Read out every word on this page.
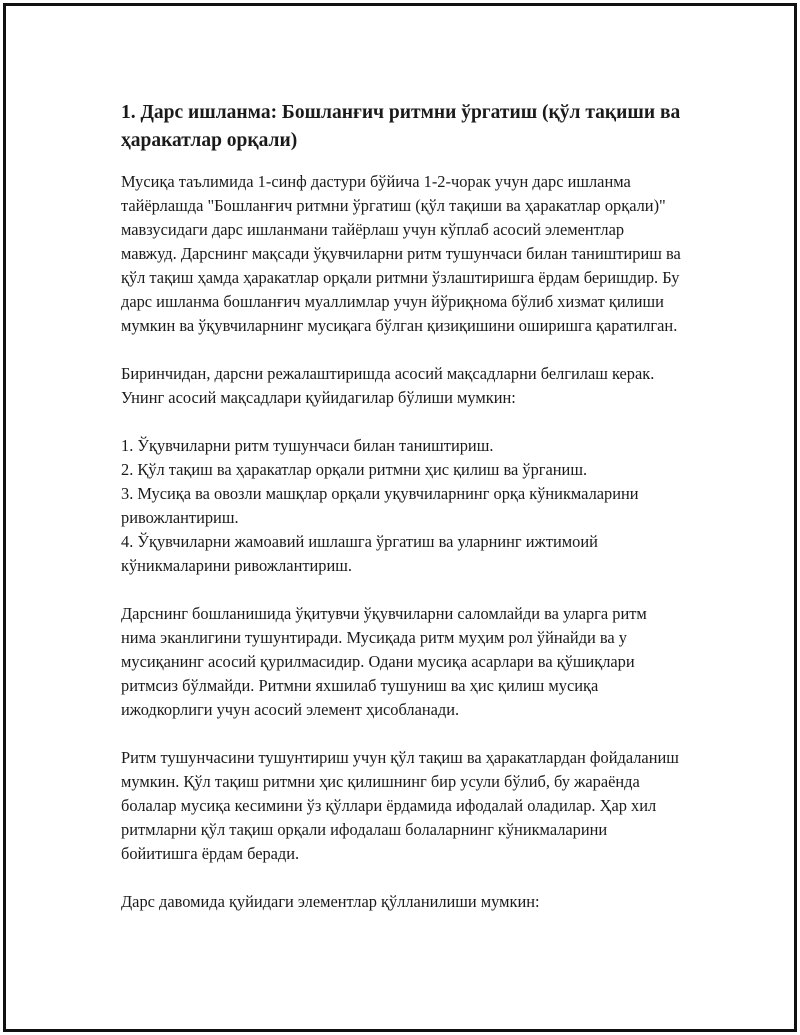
1. Дарс ишланма: Бошланғич ритмни ўргатиш (қўл тақиши ва ҳаракатлар орқали)

Мусиқа таълимида 1-синф дастури бўйича 1-2-чорак учун дарс ишланма тайёрлашда "Бошланғич ритмни ўргатиш (қўл тақиши ва ҳаракатлар орқали)" мавзусидаги дарс ишланмани тайёрлаш учун кўплаб асосий элементлар мавжуд. Дарснинг мақсади ўқувчиларни ритм тушунчаси билан таништириш ва қўл тақиш ҳамда ҳаракатлар орқали ритмни ўзлаштиришга ёрдам беришдир. Бу дарс ишланма бошланғич муаллимлар учун йўриқнома бўлиб хизмат қилиши мумкин ва ўқувчиларнинг мусиқага бўлган қизиқишини оширишга қаратилган.

Биринчидан, дарсни режалаштиришда асосий мақсадларни белгилаш керак. Унинг асосий мақсадлари қуйидагилар бўлиши мумкин:

1. Ўқувчиларни ритм тушунчаси билан таништириш.
2. Қўл тақиш ва ҳаракатлар орқали ритмни ҳис қилиш ва ўрганиш.
3. Мусиқа ва овозли машқлар орқали уқувчиларнинг орқа кўникмаларини ривожлантириш.
4. Ўқувчиларни жамоавий ишлашга ўргатиш ва уларнинг ижтимоий кўникмаларини ривожлантириш.

Дарснинг бошланишида ўқитувчи ўқувчиларни саломлайди ва уларга ритм нима эканлигини тушунтиради. Мусиқада ритм муҳим рол ўйнайди ва у мусиқанинг асосий қурилмасидир. Одани мусиқа асарлари ва қўшиқлари ритмсиз бўлмайди. Ритмни яхшилаб тушуниш ва ҳис қилиш мусиқа ижодкорлиги учун асосий элемент ҳисобланади.

Ритм тушунчасини тушунтириш учун қўл тақиш ва ҳаракатлардан фойдаланиш мумкин. Қўл тақиш ритмни ҳис қилишнинг бир усули бўлиб, бу жараёнда болалар мусиқа кесимини ўз қўллари ёрдамида ифодалай оладилар. Ҳар хил ритмларни қўл тақиш орқали ифодалаш болаларнинг кўникмаларини бойитишга ёрдам беради.

Дарс давомида қуйидаги элементлар қўлланилиши мумкин:
